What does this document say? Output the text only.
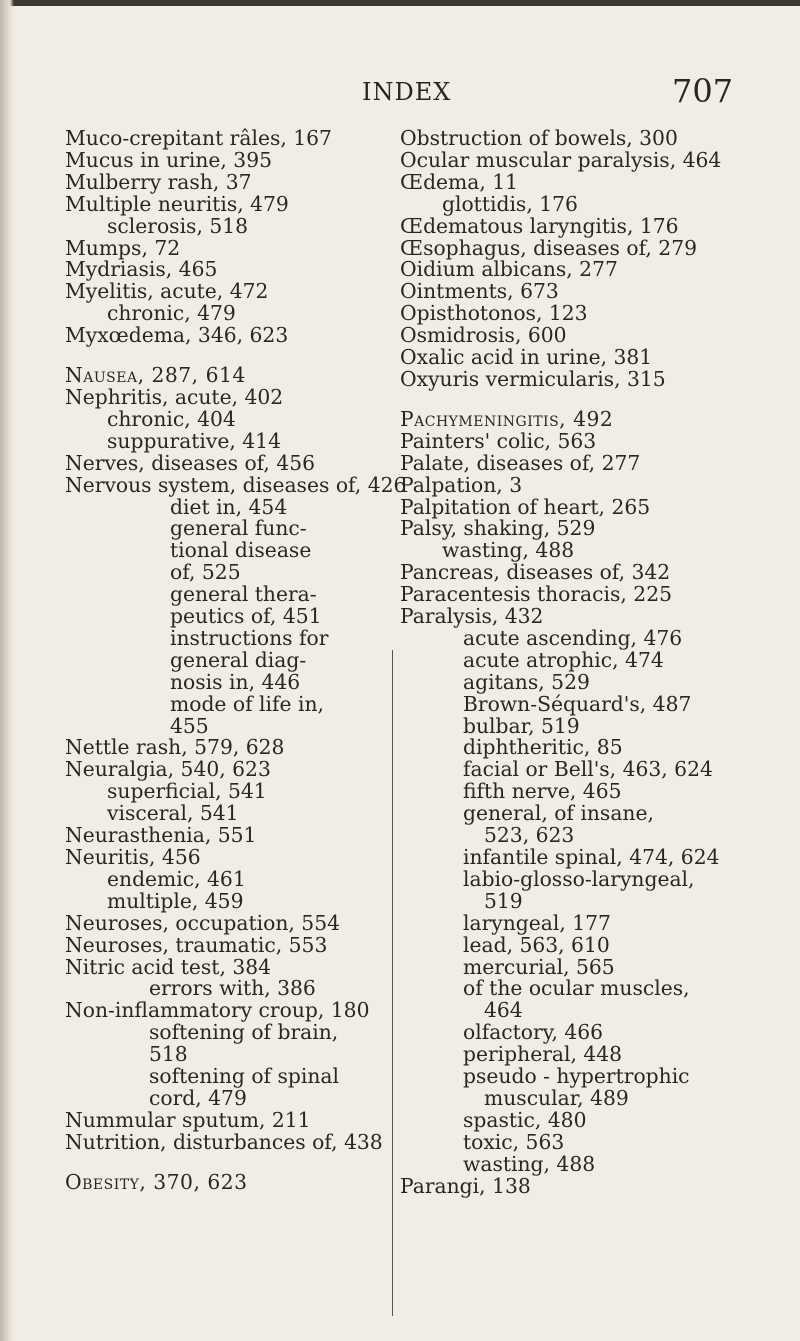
INDEX	707
Muco-crepitant râles, 167
Mucus in urine, 395
Mulberry rash, 37
Multiple neuritis, 479
sclerosis, 518
Mumps, 72
Mydriasis, 465
Myelitis, acute, 472
chronic, 479
Myxœdema, 346, 623
Nausea, 287, 614
Nephritis, acute, 402
chronic, 404
suppurative, 414
Nerves, diseases of, 456
Nervous system, diseases of, 426
diet in, 454
general func-
tional disease
of, 525
general thera-
peutics of, 451
instructions for
general diag-
nosis in, 446
mode of life in,
455
Nettle rash, 579, 628
Neuralgia, 540, 623
superficial, 541
visceral, 541
Neurasthenia, 551
Neuritis, 456
endemic, 461
multiple, 459
Neuroses, occupation, 554
Neuroses, traumatic, 553
Nitric acid test, 384
errors with, 386
Non-inflammatory croup, 180
softening of brain,
518
softening of spinal
cord, 479
Nummular sputum, 211
Nutrition, disturbances of, 438
Obesity, 370, 623
Obstruction of bowels, 300
Ocular muscular paralysis, 464
Œdema, 11
glottidis, 176
Œdematous laryngitis, 176
Œsophagus, diseases of, 279
Oidium albicans, 277
Ointments, 673
Opisthotonos, 123
Osmidrosis, 600
Oxalic acid in urine, 381
Oxyuris vermicularis, 315
Pachymeningitis, 492
Painters' colic, 563
Palate, diseases of, 277
Palpation, 3
Palpitation of heart, 265
Palsy, shaking, 529
wasting, 488
Pancreas, diseases of, 342
Paracentesis thoracis, 225
Paralysis, 432
acute ascending, 476
acute atrophic, 474
agitans, 529
Brown-Séquard's, 487
bulbar, 519
diphtheritic, 85
facial or Bell's, 463, 624
fifth nerve, 465
general, of insane,
523, 623
infantile spinal, 474, 624
labio-glosso-laryngeal,
519
laryngeal, 177
lead, 563, 610
mercurial, 565
of the ocular muscles,
464
olfactory, 466
peripheral, 448
pseudo - hypertrophic
muscular, 489
spastic, 480
toxic, 563
wasting, 488
Parangi, 138
